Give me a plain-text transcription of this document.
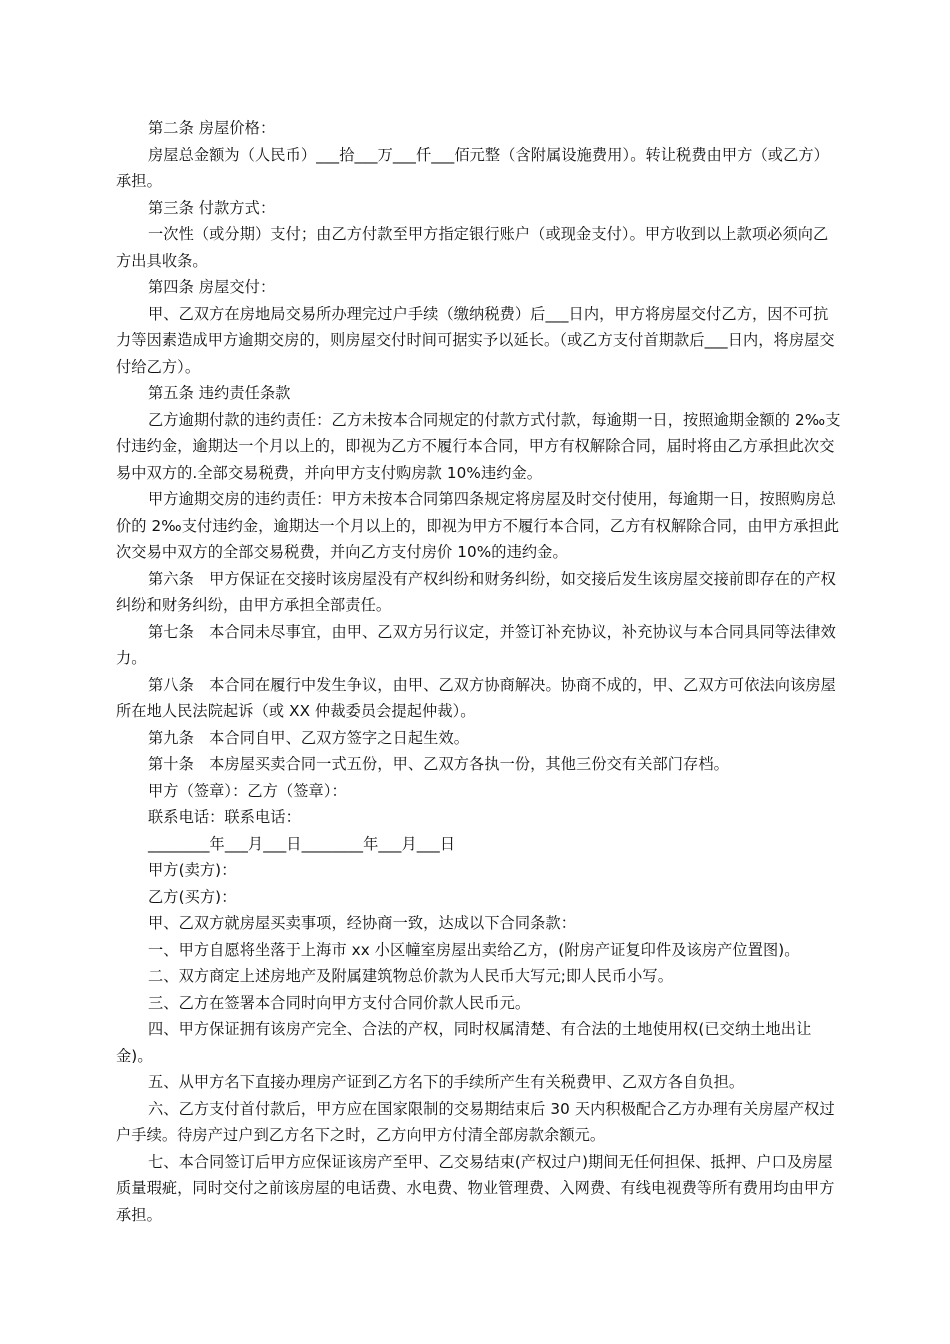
第二条 房屋价格：

房屋总金额为（人民币）___拾___万___仟___佰元整（含附属设施费用）。转让税费由甲方（或乙方）承担。

第三条 付款方式：

一次性（或分期）支付；由乙方付款至甲方指定银行账户（或现金支付）。甲方收到以上款项必须向乙方出具收条。

第四条 房屋交付：

甲、乙双方在房地局交易所办理完过户手续（缴纳税费）后___日内，甲方将房屋交付乙方，因不可抗力等因素造成甲方逾期交房的，则房屋交付时间可据实予以延长。（或乙方支付首期款后___日内，将房屋交付给乙方）。

第五条 违约责任条款

乙方逾期付款的违约责任：乙方未按本合同规定的付款方式付款，每逾期一日，按照逾期金额的 2‰支付违约金，逾期达一个月以上的，即视为乙方不履行本合同，甲方有权解除合同，届时将由乙方承担此次交易中双方的.全部交易税费，并向甲方支付购房款 10%违约金。

甲方逾期交房的违约责任：甲方未按本合同第四条规定将房屋及时交付使用，每逾期一日，按照购房总价的 2‰支付违约金，逾期达一个月以上的，即视为甲方不履行本合同，乙方有权解除合同，由甲方承担此次交易中双方的全部交易税费，并向乙方支付房价 10%的违约金。

第六条　甲方保证在交接时该房屋没有产权纠纷和财务纠纷，如交接后发生该房屋交接前即存在的产权纠纷和财务纠纷，由甲方承担全部责任。

第七条　本合同未尽事宜，由甲、乙双方另行议定，并签订补充协议，补充协议与本合同具同等法律效力。

第八条　本合同在履行中发生争议，由甲、乙双方协商解决。协商不成的，甲、乙双方可依法向该房屋所在地人民法院起诉（或 XX 仲裁委员会提起仲裁）。

第九条　本合同自甲、乙双方签字之日起生效。

第十条　本房屋买卖合同一式五份，甲、乙双方各执一份，其他三份交有关部门存档。

甲方（签章）：乙方（签章）：

联系电话：联系电话：

________年___月___日________年___月___日

甲方(卖方)：

乙方(买方)：

甲、乙双方就房屋买卖事项，经协商一致，达成以下合同条款：

一、甲方自愿将坐落于上海市 xx 小区幢室房屋出卖给乙方，(附房产证复印件及该房产位置图)。

二、双方商定上述房地产及附属建筑物总价款为人民币大写元;即人民币小写。

三、乙方在签署本合同时向甲方支付合同价款人民币元。

四、甲方保证拥有该房产完全、合法的产权，同时权属清楚、有合法的土地使用权(已交纳土地出让金)。

五、从甲方名下直接办理房产证到乙方名下的手续所产生有关税费甲、乙双方各自负担。

六、乙方支付首付款后，甲方应在国家限制的交易期结束后 30 天内积极配合乙方办理有关房屋产权过户手续。待房产过户到乙方名下之时，乙方向甲方付清全部房款余额元。

七、本合同签订后甲方应保证该房产至甲、乙交易结束(产权过户)期间无任何担保、抵押、户口及房屋质量瑕疵，同时交付之前该房屋的电话费、水电费、物业管理费、入网费、有线电视费等所有费用均由甲方承担。
